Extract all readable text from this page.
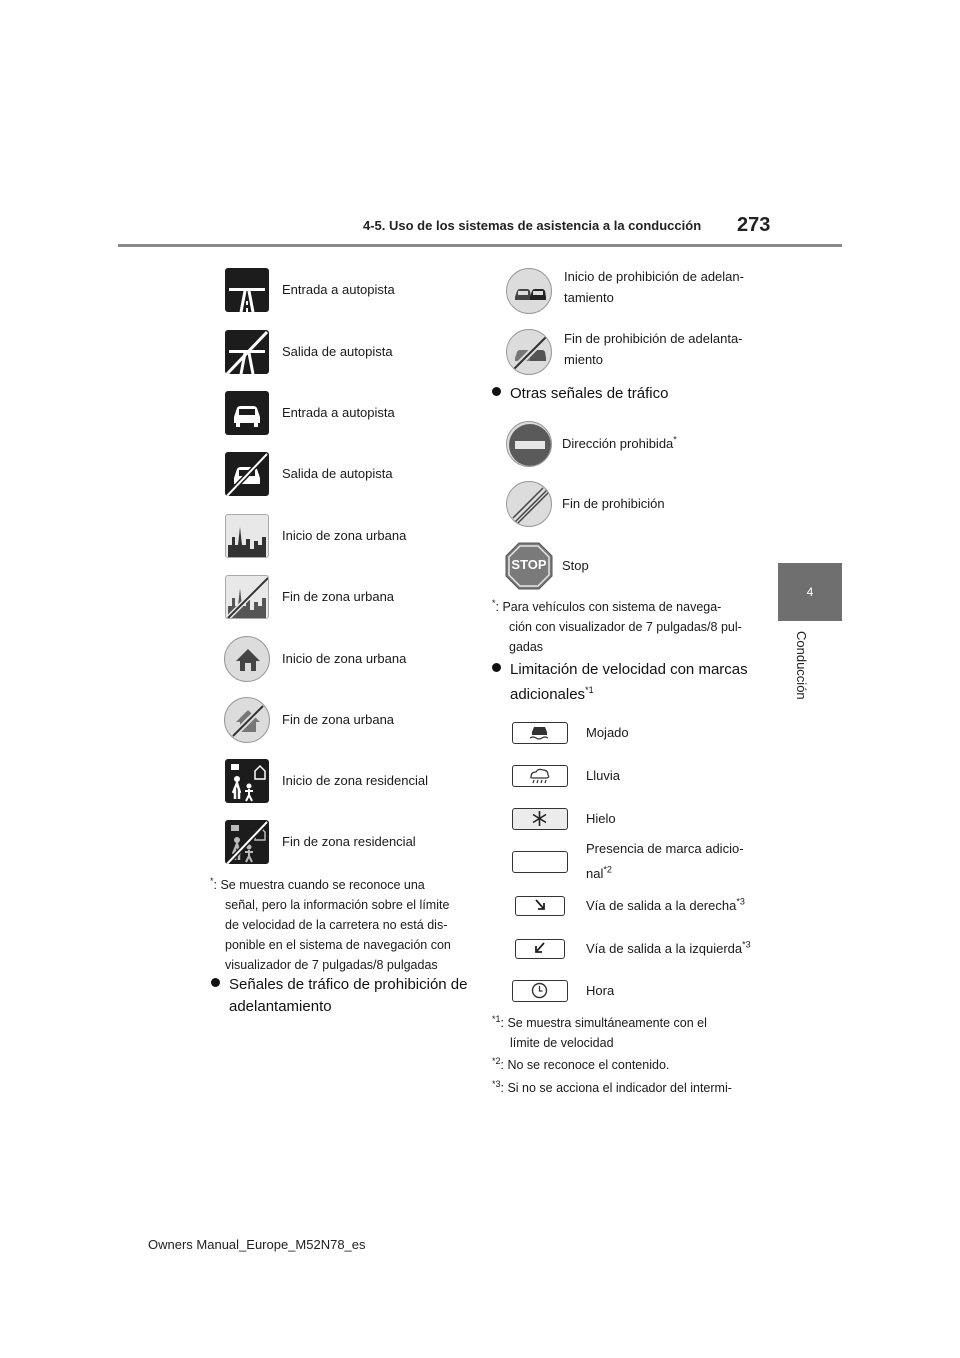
4-5. Uso de los sistemas de asistencia a la conducción 273
4
Conducción
Entrada a autopista
Salida de autopista
Entrada a autopista
Salida de autopista
Inicio de zona urbana
Fin de zona urbana
Inicio de zona urbana
Fin de zona urbana
Inicio de zona residencial
Fin de zona residencial
*: Se muestra cuando se reconoce una
señal, pero la información sobre el límite
de velocidad de la carretera no está dis-
ponible en el sistema de navegación con
visualizador de 7 pulgadas/8 pulgadas
Señales de tráfico de prohibición de
adelantamiento
Inicio de prohibición de adelan-
tamiento
Fin de prohibición de adelanta-
miento
Otras señales de tráfico
Dirección prohibida*
Fin de prohibición
STOP	Stop
*: Para vehículos con sistema de navega-
ción con visualizador de 7 pulgadas/8 pul-
gadas
Limitación de velocidad con marcas
adicionales$^{*1}$
Mojado
Lluvia
Hielo
Presencia de marca adicio-
nal$^{*2}$
Vía de salida a la derecha$^{*3}$
Vía de salida a la izquierda$^{*3}$
Hora
$^{*1}$: Se muestra simultáneamente con el
límite de velocidad
$^{*2}$: No se reconoce el contenido.
$^{*3}$: Si no se acciona el indicador del intermi-
Owners Manual_Europe_M52N78_es
